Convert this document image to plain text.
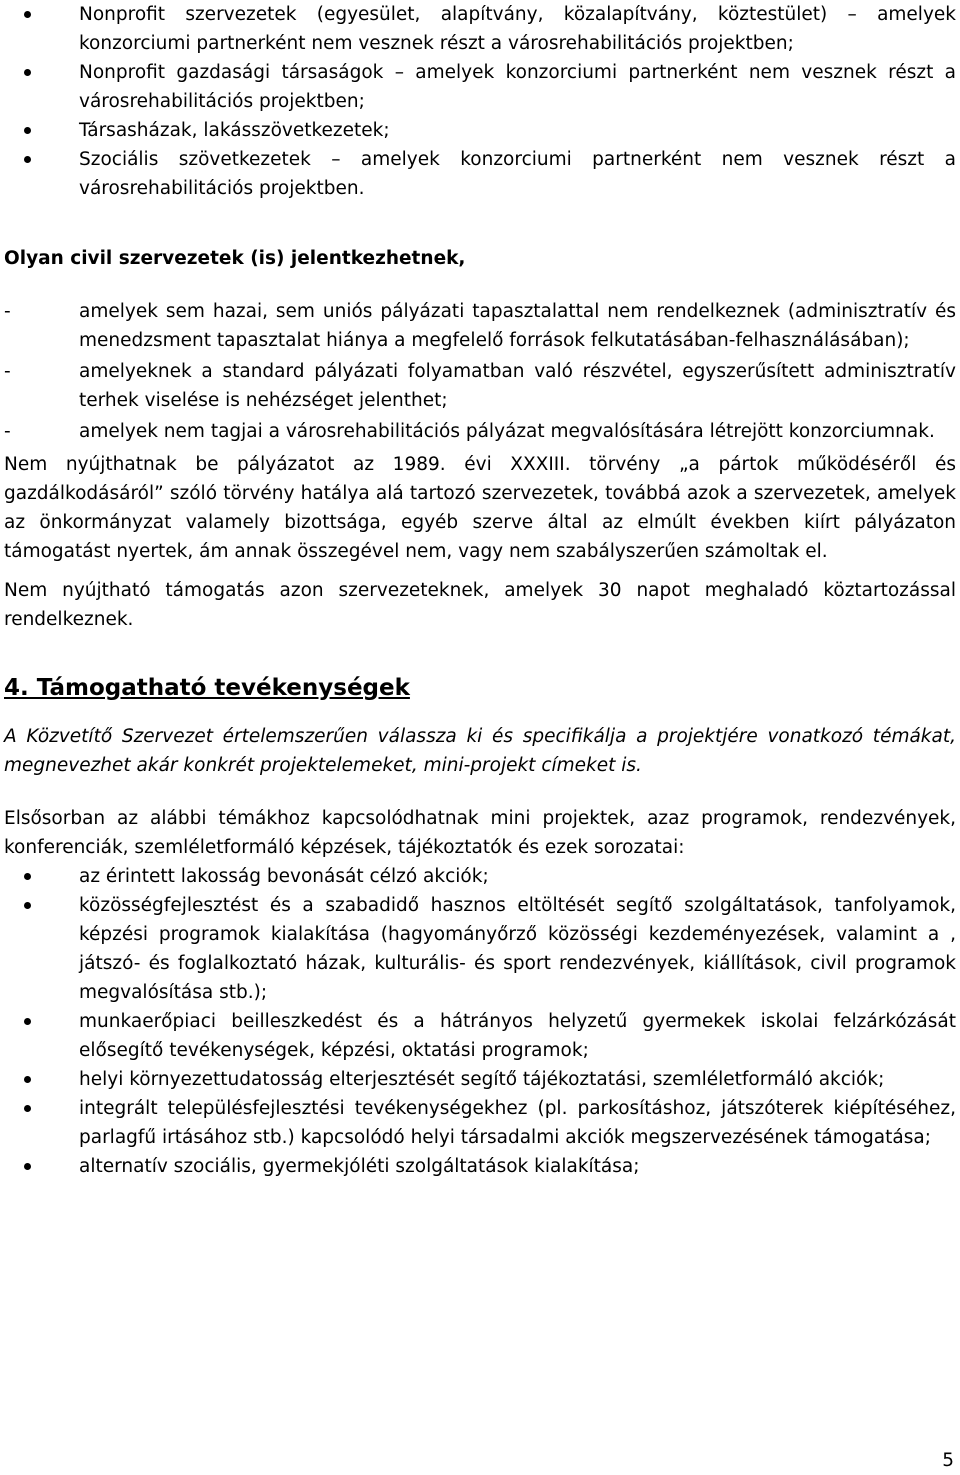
Nonprofit szervezetek (egyesület, alapítvány, közalapítvány, köztestület) – amelyek konzorciumi partnerként nem vesznek részt a városrehabilitációs projektben;
Nonprofit gazdasági társaságok – amelyek konzorciumi partnerként nem vesznek részt a városrehabilitációs projektben;
Társasházak, lakásszövetkezetek;
Szociális szövetkezetek – amelyek konzorciumi partnerként nem vesznek részt a városrehabilitációs projektben.

Olyan civil szervezetek (is) jelentkezhetnek,

-	amelyek sem hazai, sem uniós pályázati tapasztalattal nem rendelkeznek (adminisztratív és menedzsment tapasztalat hiánya a megfelelő források felkutatásában-felhasználásában);
-	amelyeknek a standard pályázati folyamatban való részvétel, egyszerűsített adminisztratív terhek viselése is nehézséget jelenthet;
-	amelyek nem tagjai a városrehabilitációs pályázat megvalósítására létrejött konzorciumnak.

Nem nyújthatnak be pályázatot az 1989. évi XXXIII. törvény „a pártok működéséről és gazdálkodásáról” szóló törvény hatálya alá tartozó szervezetek, továbbá azok a szervezetek, amelyek az önkormányzat valamely bizottsága, egyéb szerve által az elmúlt években kiírt pályázaton támogatást nyertek, ám annak összegével nem, vagy nem szabályszerűen számoltak el.

Nem nyújtható támogatás azon szervezeteknek, amelyek 30 napot meghaladó köztartozással rendelkeznek.

4. Támogatható tevékenységek

A Közvetítő Szervezet értelemszerűen válassza ki és specifikálja a projektjére vonatkozó témákat, megnevezhet akár konkrét projektelemeket, mini-projekt címeket is.

Elsősorban az alábbi témákhoz kapcsolódhatnak mini projektek, azaz programok, rendezvények, konferenciák, szemléletformáló képzések, tájékoztatók és ezek sorozatai:

az érintett lakosság bevonását célzó akciók;
közösségfejlesztést és a szabadidő hasznos eltöltését segítő szolgáltatások, tanfolyamok, képzési programok kialakítása (hagyományőrző közösségi kezdeményezések, valamint a , játszó- és foglalkoztató házak, kulturális- és sport rendezvények, kiállítások, civil programok megvalósítása stb.);
munkaerőpiaci beilleszkedést és a hátrányos helyzetű gyermekek iskolai felzárkózását elősegítő tevékenységek, képzési, oktatási programok;
helyi környezettudatosság elterjesztését segítő tájékoztatási, szemléletformáló akciók;
integrált településfejlesztési tevékenységekhez (pl. parkosításhoz, játszóterek kiépítéséhez, parlagfű irtásához stb.) kapcsolódó helyi társadalmi akciók megszervezésének támogatása;
alternatív szociális, gyermekjóléti szolgáltatások kialakítása;
5
